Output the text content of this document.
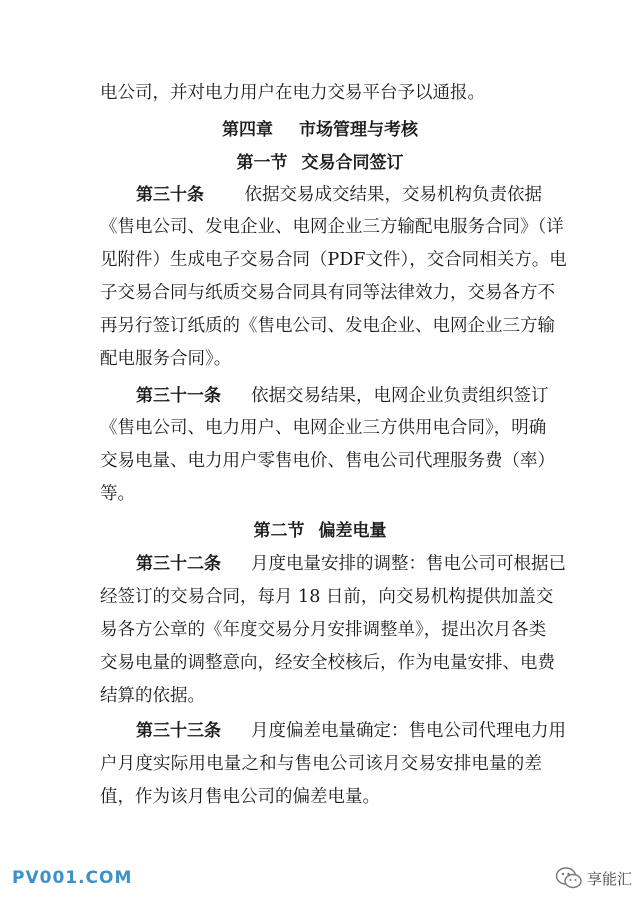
电公司，并对电力用户在电力交易平台予以通报。
第四章 市场管理与考核
第一节 交易合同签订
第三十条 依据交易成交结果，交易机构负责依据
《售电公司、发电企业、电网企业三方输配电服务合同》（详
见附件）生成电子交易合同（PDF文件），交合同相关方。电
子交易合同与纸质交易合同具有同等法律效力，交易各方不
再另行签订纸质的《售电公司、发电企业、电网企业三方输
配电服务合同》。
第三十一条 依据交易结果，电网企业负责组织签订
《售电公司、电力用户、电网企业三方供用电合同》，明确
交易电量、电力用户零售电价、售电公司代理服务费（率）
等。
第二节 偏差电量
第三十二条 月度电量安排的调整：售电公司可根据已
经签订的交易合同，每月 18 日前，向交易机构提供加盖交
易各方公章的《年度交易分月安排调整单》，提出次月各类
交易电量的调整意向，经安全校核后，作为电量安排、电费
结算的依据。
第三十三条 月度偏差电量确定：售电公司代理电力用
户月度实际用电量之和与售电公司该月交易安排电量的差
值，作为该月售电公司的偏差电量。
PV001.COM	享能汇
